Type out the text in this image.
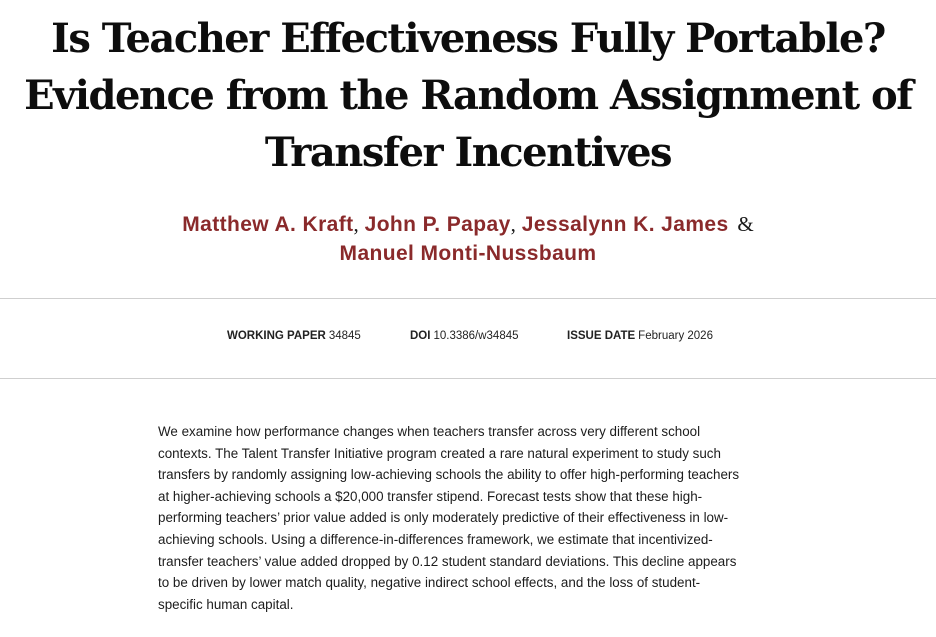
Is Teacher Effectiveness Fully Portable?
Evidence from the Random Assignment of
Transfer Incentives
Matthew A. Kraft, John P. Papay, Jessalynn K. James &
Manuel Monti-Nussbaum
WORKING PAPER 34845	DOI 10.3386/w34845	ISSUE DATE February 2026
We examine how performance changes when teachers transfer across very different school
contexts. The Talent Transfer Initiative program created a rare natural experiment to study such
transfers by randomly assigning low-achieving schools the ability to offer high-performing teachers
at higher-achieving schools a $20,000 transfer stipend. Forecast tests show that these high-
performing teachers’ prior value added is only moderately predictive of their effectiveness in low-
achieving schools. Using a difference-in-differences framework, we estimate that incentivized-
transfer teachers’ value added dropped by 0.12 student standard deviations. This decline appears
to be driven by lower match quality, negative indirect school effects, and the loss of student-
specific human capital.
